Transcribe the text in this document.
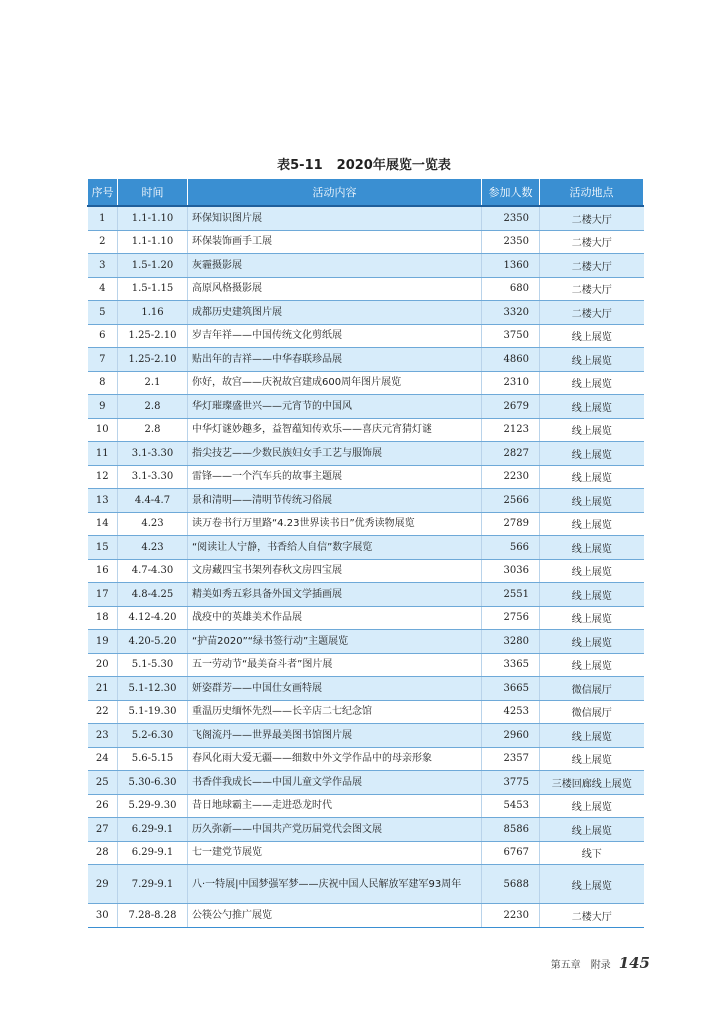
表5-11 2020年展览一览表
序号	时间	活动内容	参加人数	活动地点
1	1.1-1.10	环保知识图片展	2350	二楼大厅
2	1.1-1.10	环保装饰画手工展	2350	二楼大厅
3	1.5-1.20	灰霾摄影展	1360	二楼大厅
4	1.5-1.15	高原风格摄影展	680	二楼大厅
5	1.16	成都历史建筑图片展	3320	二楼大厅
6	1.25-2.10	岁吉年祥——中国传统文化剪纸展	3750	线上展览
7	1.25-2.10	贴出年的吉祥——中华春联珍品展	4860	线上展览
8	2.1	你好，故宫——庆祝故宫建成600周年图片展览	2310	线上展览
9	2.8	华灯璀璨盛世兴——元宵节的中国风	2679	线上展览
10	2.8	中华灯谜妙趣多，益智蕴知传欢乐——喜庆元宵猜灯谜	2123	线上展览
11	3.1-3.30	指尖技艺——少数民族妇女手工艺与服饰展	2827	线上展览
12	3.1-3.30	雷锋——一个汽车兵的故事主题展	2230	线上展览
13	4.4-4.7	景和清明——清明节传统习俗展	2566	线上展览
14	4.23	读万卷书行万里路“4.23世界读书日”优秀读物展览	2789	线上展览
15	4.23	“阅读让人宁静，书香给人自信”数字展览	566	线上展览
16	4.7-4.30	文房藏四宝书架列春秋文房四宝展	3036	线上展览
17	4.8-4.25	精美如秀五彩具备外国文学插画展	2551	线上展览
18	4.12-4.20	战疫中的英雄美术作品展	2756	线上展览
19	4.20-5.20	“护苗2020”“绿书签行动”主题展览	3280	线上展览
20	5.1-5.30	五一劳动节“最美奋斗者”图片展	3365	线上展览
21	5.1-12.30	妍姿群芳——中国仕女画特展	3665	微信展厅
22	5.1-19.30	重温历史缅怀先烈——长辛店二七纪念馆	4253	微信展厅
23	5.2-6.30	飞阁流丹——世界最美图书馆图片展	2960	线上展览
24	5.6-5.15	春风化雨大爱无疆——细数中外文学作品中的母亲形象	2357	线上展览
25	5.30-6.30	书香伴我成长——中国儿童文学作品展	3775	三楼回廊线上展览
26	5.29-9.30	昔日地球霸主——走进恐龙时代	5453	线上展览
27	6.29-9.1	历久弥新——中国共产党历届党代会图文展	8586	线上展览
28	6.29-9.1	七一建党节展览	6767	线下
29	7.29-9.1	八·一特展|中国梦强军梦——庆祝中国人民解放军建军93周年	5688	线上展览
30	7.28-8.28	公筷公勺推广展览	2230	二楼大厅
第五章 附录 145
